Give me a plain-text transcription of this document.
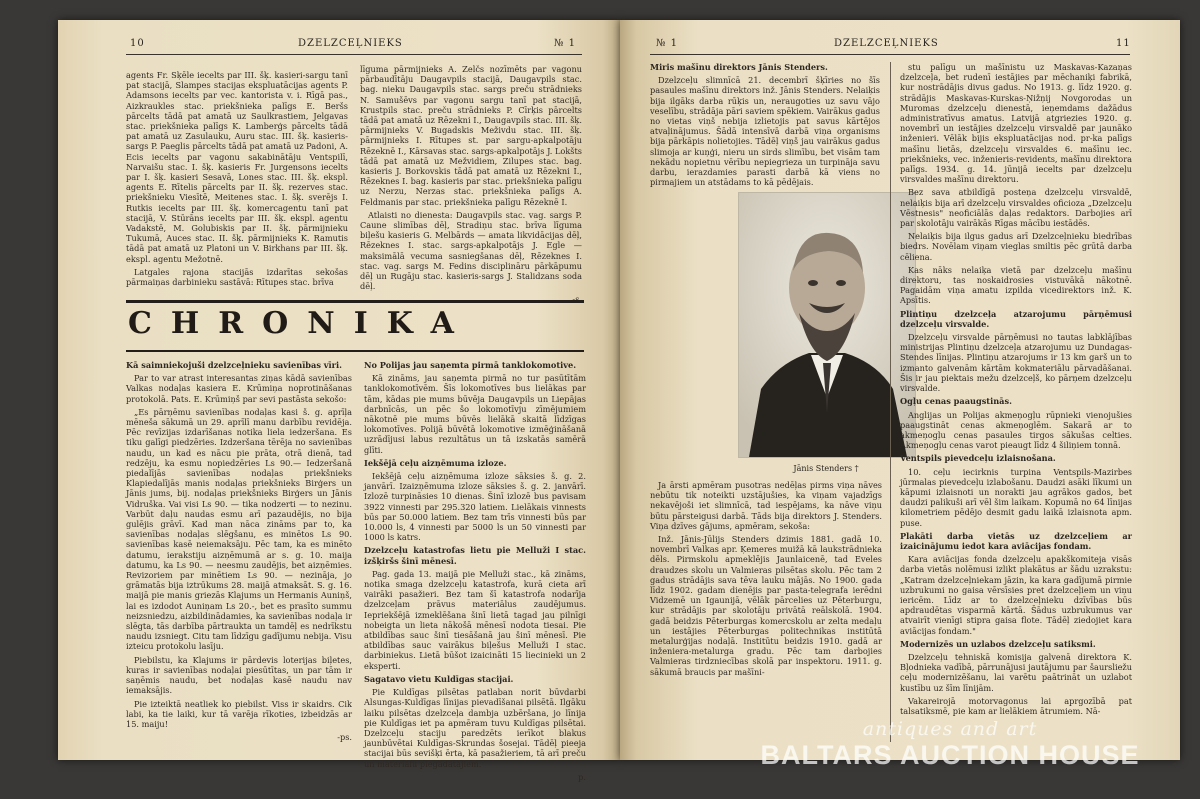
10	DZELZCEĻNIEKS	№ 1

agents Fr. Sķēle iecelts par III. šķ. kasieri-sargu tanī pat stacijā, Slampes stacijas ekspluatācijas agents P. Adamsons iecelts par vec. kantorista v. i. Rīgā pas., Aizkraukles stac. priekšnieka palīgs E. Beršs pārcelts tādā pat amatā uz Saulkrastiem, Jelgavas stac. priekšnieka palīgs K. Lamberģs pārcelts tādā pat amatā uz Zasulauku, Auru stac. III. šķ. kasieris-sargs P. Paeglis pārcelts tādā pat amatā uz Padoni, A. Ecis iecelts par vagonu sakabinātāju Ventspilī, Narvaišu stac. I. šķ. kasieris Fr. Jurgensons iecelts par I. šķ. kasieri Sesavā, Lones stac. III. šķ. ekspl. agents E. Rītelis pārcelts par II. šķ. rezerves stac. priekšnieku Viesītē, Meitenes stac. I. šķ. sverējs I. Rutkis iecelts par III. šķ. komercagentu tanī pat stacijā, V. Stūrāns iecelts par III. šķ. ekspl. agentu Vadakstē, M. Golubiskis par II. šķ. pārmijnieku Tukumā, Auces stac. II. šķ. pārmijnieks K. Ramutis tādā pat amatā uz Platoni un V. Birkhans par III. šķ. ekspl. agentu Mežotnē.

Latgales rajona stacijās izdarītas sekošas pārmaiņas darbinieku sastāvā: Rītupes stac. brīva

līguma pārmijnieks A. Zelčs nozīmēts par vagonu pārbaudītāju Daugavpils stacijā, Daugavpils stac. bag. nieku Daugavpils stac. sargs preču strādnieks N. Samušēvs par vagonu sargu tanī pat stacijā, Krustpils stac. preču strādnieks P. Cīrķis pārcelts tādā pat amatā uz Rēzekni I., Daugavpils stac. III. šķ. pārmijnieks V. Bugadskis Meživdu stac. III. šķ. pārmijnieks I. Rītupes st. par sargu-apkalpotāju Rēzeknē I., Kārsavas stac. sargs-apkalpotājs J. Lokšts tādā pat amatā uz Mežvidiem, Zilupes stac. bag. kasieris J. Borkovskis tādā pat amatā uz Rēzekni I., Rēzeknes I. bag. kasieris par stac. priekšnieka palīgu uz Nerzu, Nerzas stac. priekšnieka palīgs A. Feldmanis par stac. priekšnieka palīgu Rēzeknē I.

Atlaisti no dienesta: Daugavpils stac. vag. sargs P. Caune slimības dēļ, Stradiņu stac. brīva līguma biļešu kasieris G. Melbārds — amata likvidācijas dēļ, Rēzeknes I. stac. sargs-apkalpotājs J. Egle — maksimālā vecuma sasniegšanas dēļ, Rēzeknes I. stac. vag. sargs M. Fedins disciplināru pārkāpumu dēļ un Rugāju stac. kasieris-sargs J. Stalidzans soda dēļ.

CHRONIKA

Kā saimniekojuši dzelzceļnieku savienības vīri.

Par to var atrast interesantas ziņas kādā savienības Valkas nodaļas kasiera E. Krūmiņa noprotināšanas protokolā. Pats. E. Krūmiņš par sevi pastāsta sekošo:

„Es pārņēmu savienības nodaļas kasi š. g. aprīļa mēneša sākumā un 29. aprīlī manu darbību revidēja. Pēc revīzijas izdarīšanas notika liela iedzeršana. Es tiku galīgi piedzēries. Izdzeršana tērēja no savienības naudu, un kad es nācu pie prāta, otrā dienā, tad redzēju, ka esmu nopiedzēries Ls 90.— Iedzeršanā piedalījās savienības nodaļas priekšnieks Klapiedalījās manis nodaļas priekšnieks Birģers un Jānis jums, bij. nodaļas priekšnieks Birģers un Jānis Vidruška. Vai visi Ls 90. — tika nodzerti — to nezinu. Varbūt daļu naudas esmu arī pazaudējis, no bija gulējis grāvī. Kad man nāca zināms par to, ka savienības nodaļas slēgšanu, es minētos Ls 90. savienības kasē neiemaksāju. Pēc tam, ka es minēto datumu, ierakstiju aizņēmumā ar s. g. 10. maija datumu, ka Ls 90. — neesmu zaudējis, bet aizņēmies. Revizoriem par minētiem Ls 90. — nezināja, jo grāmatās bija iztrūkums 28. maijā atmaksāt. S. g. 16. maijā pie manis griezās Klajums un Hermanis Auniņš, lai es izdodot Auniņam Ls 20.-, bet es prasīto summu neizsniedzu, aizbildinādamies, ka savienības nodaļa ir slēgta, tās darbība pārtraukta un tamdēļ es nedrīkstu naudu izsniegt. Citu tam līdzīgu gadījumu nebija. Visu izteicu protokolu lasīju.

Piebilstu, ka Klajums ir pārdevis loterijas biļetes, kuras ir savienības nodaļai piesūtītas, un par tām ir saņēmis naudu, bet nodaļas kasē naudu nav iemaksājis.

Pie izteiktā neatliek ko piebilst. Viss ir skaidrs. Cik labi, ka tie laiki, kur tā varēja rīkoties, izbeidzās ar 15. maiju!

-ps.

No Polijas jau saņemta pirmā tanklokomotive.

Kā zināms, jau saņemta pirmā no tur pasūtītām tanklokomotīvēm. Šīs lokomotīves bus lielākas par tām, kādas pie mums būvēja Daugavpils un Liepājas darbnīcās, un pēc šo lokomotīvju zīmējumiem nākotnē pie mums būvēs lielākā skaitā līdzīgas lokomotīves. Polijā būvētā lokomotive izmēģināšanā uzrādījusi labus rezultātus un tā izskatās samērā glīti.

Iekšējā ceļu aizņēmuma izloze.

Iekšējā ceļu aizņēmuma izloze sāksies š. g. 2. janvārī. Izaizņēmuma izloze sāksies š. g. 2. janvārī. Izlozē turpināsies 10 dienas. Šinī izlozē bus pavisam 3922 vinnesti par 295.320 latiem. Lielākais vinnests būs par 50.000 latiem. Bez tam trīs vinnesti būs par 10.000 ls, 4 vinnesti par 5000 ls un 50 vinnesti par 1000 ls katrs.

Dzelzceļu katastrofas lietu pie Melluži I stac. izšķiršs šinī mēnesī.

Pag. gada 13. maijā pie Melluži stac., kā zināms, notika smaga dzelzceļu katastrofa, kurā cieta arī vairāki pasažieri. Bez tam šī katastrofa nodarīja dzelzceļam prāvus materiālus zaudējumus. Iepriekšējā izmeklēšana šinī lietā tagad jau pilnīgi nobeigta un lieta nākošā mēnesī nodota tiesai. Pie atbildības sauc šinī tiesāšanā jau šinī mēnesī. Pie atbildības sauc vairākus biļešus Melluži I stac. darbiniekus. Lietā būšot izaicināti 15 liecinieki un 2 eksperti.

Sagatavo vietu Kuldīgas stacijai.

Pie Kuldīgas pilsētas patlaban norit būvdarbi Alsungas-Kuldīgas līnijas pievadīšanai pilsētā. Ilgāku laiku pilsētas dzelzceļa dambja uzbēršana, jo līnija pie Kuldīgas iet pa apmēram tuvu Kuldīgas pilsētai. Dzelzceļu staciju paredzēts ierīkot blakus jaunbūvētai Kuldīgas-Skrundas šosejai. Tādēļ pieeja stacijai būs sevišķi ērta, kā pasažieriem, tā arī preču un materiālu piegādātājiem.

p.

№ 1	DZELZCEĻNIEKS	11

Miris mašīnu direktors Jānis Stenders.

Dzelzceļu slimnīcā 21. decembrī šķīries no šīs pasaules mašīnu direktors inž. Jānis Stenders. Nelaiķis bija ilgāks darba rūķis un, neraugoties uz savu vājo veselību, strādāja pāri saviem spēkiem. Vairākus gadus no vietas viņš nebija izlietojis pat savus kārtējos atvaļinājumus. Šādā intensīvā darbā viņa organisms bija pārkāpis nolietojies. Tādēļ viņš jau vairākus gadus slimoja ar kuņģi, nieru un sirds slimību, bet visām tam nekādu nopietnu vērību nepiegrieza un turpināja savu darbu, ierazdamies parasti darbā kā viens no pirmajiem un atstādams to kā pēdējais.

Jānis Stenders †

Ja ārsti apmēram pusotras nedēļas pirms viņa nāves nebūtu tik noteikti uzstājušies, ka viņam vajadzīgs nekavējoši iet slimnīcā, tad iespējams, ka nāve viņu būtu pārsteigusi darbā. Tāds bija direktors J. Stenders. Viņa dzīves gājums, apmēram, sekoša:

Inž. Jānis-Jūlijs Stenders dzimis 1881. gadā 10. novembrī Valkas apr. Ķemeres muižā kā laukstrādnieka dēls. Pirmskolu apmeklējis Jaunlaicenē, tad Eveles draudzes skolu un Valmieras pilsētas skolu. Pēc tam 2 gadus strādājis sava tēva lauku mājās. No 1900. gada līdz 1902. gadam dienējis par pasta-telegrafa ierēdni Vidzemē un Igaunijā, vēlāk pārcelies uz Pēterburgu, kur strādājis par skolotāju privātā reālskolā. 1904. gadā beidzis Pēterburgas komercskolu ar zelta medaļu un iestājies Pēterburgas politechnikas institūtā metalurģijas nodaļā. Institūtu beidzis 1910. gadā ar inženiera-metalurga gradu. Pēc tam darbojies Valmieras tirdzniecības skolā par inspektoru. 1911. g. sākumā braucis par mašīni-

stu palīgu un mašīnistu uz Maskavas-Kazaņas dzelzceļa, bet rudenī iestājies par mēchaniķi fabrikā, kur nostrādājis divus gadus. No 1913. g. līdz 1920. g. strādājis Maskavas-Kurskas-Ņižņij Novgorodas un Muromas dzelzceļu dienestā, ieņemdams dažādus administratīvus amatus. Latvijā atgriezies 1920. g. novembrī un iestājies dzelzceļu virsvaldē par jaunāko inženieri. Vēlāk bijis ekspluatācijas nod. pr-ka palīgs mašīnu lietās, dzelzceļu virsvaldes 6. mašīnu iec. priekšnieks, vec. inženieris-revidents, mašīnu direktora palīgs. 1934. g. 14. jūnijā iecelts par dzelzceļu virsvaldes mašīnu direktoru.

Bez sava atbildīgā posteņa dzelzceļu virsvaldē, nelaiķis bija arī dzelzceļu virsvaldes oficioza „Dzelzceļu Vēstnesis" neoficiālās daļas redaktors. Darbojies arī par skolotāju vairākās Rīgas mācību iestādēs.

Nelaiķis bija ilgus gadus arī Dzelzceļnieku biedrības biedrs. Novēlam viņam vieglas smiltis pēc grūtā darba cēliena.

Kas nāks nelaiķa vietā par dzelzceļu mašīnu direktoru, tas noskaidrosies vistuvākā nākotnē. Pagaidām viņa amatu izpilda vicedirektors inž. K. Apsītis.

Plintiņu dzelzceļa atzarojumu pārņēmusi dzelzceļu virsvalde.

Dzelzceļu virsvalde pārņēmusi no tautas labklājības ministrijas Plintiņu dzelzceļa atzarojumu uz Dundagas-Stendes līnijas. Plintiņu atzarojums ir 13 km garš un to izmanto galvenām kārtām kokmateriālu pārvadāšanai. Šis ir jau piektais mežu dzelzceļš, ko pārņem dzelzceļu virsvalde.

Ogļu cenas paaugstinās.

Anglijas un Polijas akmeņogļu rūpnieki vienojušies paaugstināt cenas akmeņoglēm. Sakarā ar to akmeņogļu cenas pasaules tirgos sākušas celties. Akmeņogļu cenas varot pieaugt līdz 4 šiliņiem tonnā.

Ventspils pievedceļu izlaisnošana.

10. ceļu iecirknis turpina Ventspils-Mazirbes jūrmalas pievedceļu izlabošanu. Daudzi asāki līkumi un kāpumi izlaisnoti un norakti jau agrākos gados, bet daudzi palikuši arī vēl šim laikam. Kopumā no 64 līnijas kilometriem pēdējo desmit gadu laikā izlaisnota apm. puse.

Plakāti darba vietās uz dzelzceļiem ar izaicinājumu iedot kara aviācijas fondam.

Kara aviācijas fonda dzelzceļu apakškomiteja visās darba vietās nolēmusi izlikt plakātus ar šādu uzrakstu: „Katram dzelzceļniekam jāzin, ka kara gadījumā pirmie uzbrukumi no gaisa vērsīsies pret dzelzceļiem un viņu iericēm. Līdz ar to dzelzceļnieku dzīvības būs apdraudētas visparmā kārtā. Šādus uzbrukumus var atvairīt vienīgi stipra gaisa flote. Tādēļ ziedojiet kara aviācijas fondam."

Modernizēs un uzlabos dzelzceļu satiksmi.

Dzelzceļu tehniskā komisija galvenā direktora K. Bļodnieka vadībā, pārrunājusi jautājumu par šaursliežu ceļu modernizēšanu, lai varētu paātrināt un uzlabot kustību uz šīm līnijām.

Vakareirojā motorvagonus lai aprgozībā pat talsatiksmē, pie kam ar lielākiem ātrumiem. Nā-

antiques and art
BALTARS AUCTION HOUSE
